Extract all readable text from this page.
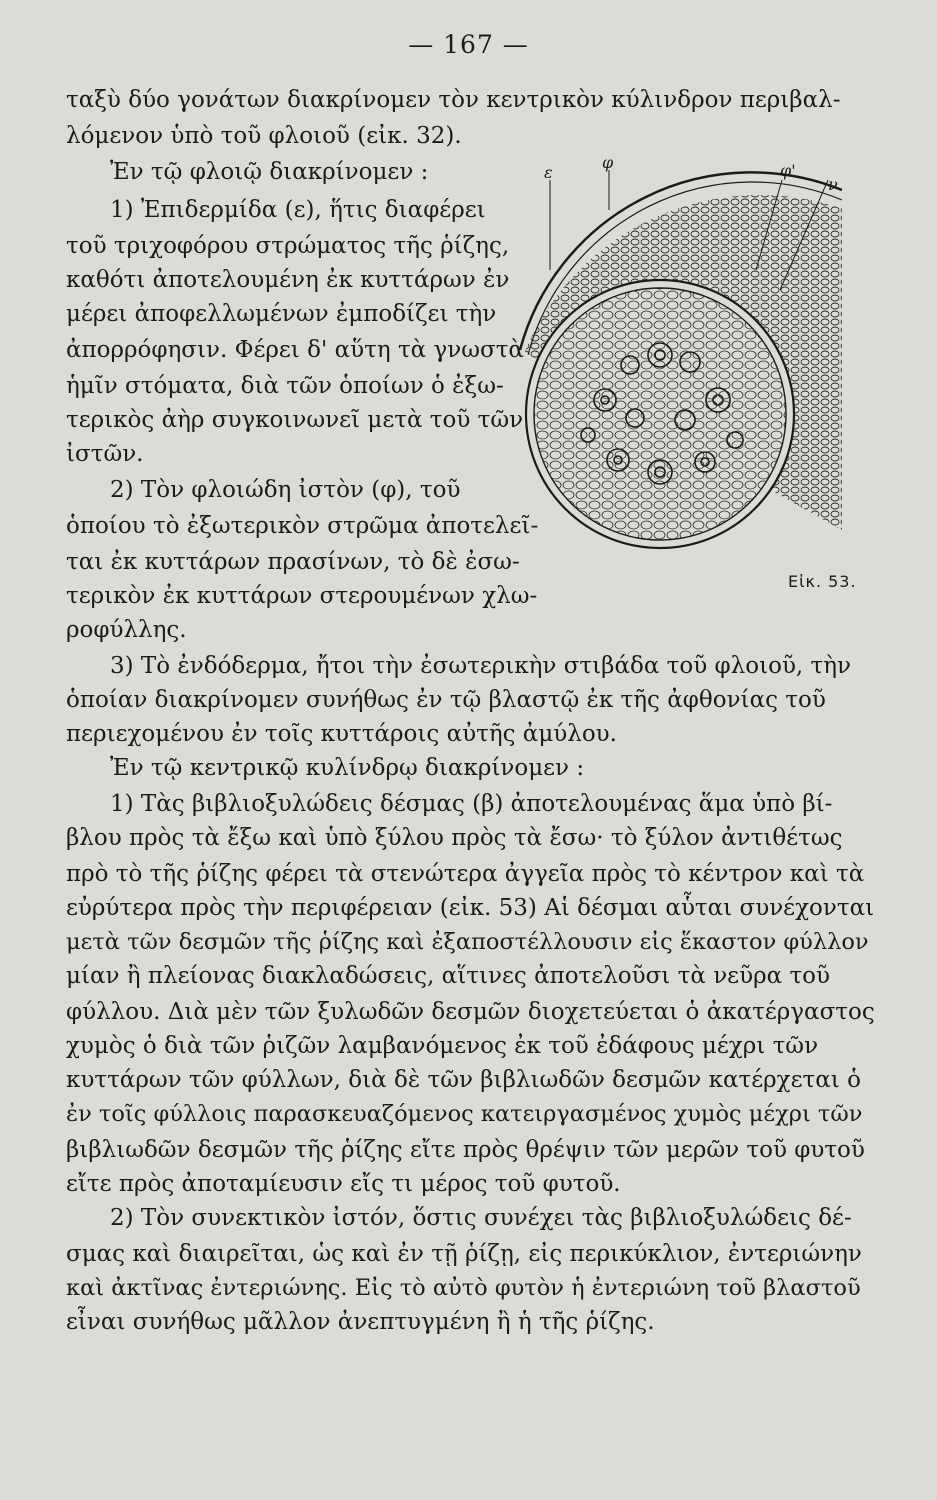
— 167 —
ε
φ	φ'
ν
Εἰκ. 53.
ταξὺ δύο γονάτων διακρίνομεν τὸν κεντρικὸν κύλινδρον περιβαλ-
λόμενον ὑπὸ τοῦ φλοιοῦ (εἰκ. 32).
Ἐν τῷ φλοιῷ διακρίνομεν :
1) Ἐπιδερμίδα (ε), ἥτις διαφέρει
τοῦ τριχοφόρου στρώματος τῆς ῥίζης,
καθότι ἀποτελουμένη ἐκ κυττάρων ἐν
μέρει ἀποφελλωμένων ἐμποδίζει τὴν
ἀπορρόφησιν. Φέρει δ' αὕτη τὰ γνωστὰ
ἡμῖν στόματα, διὰ τῶν ὁποίων ὁ ἐξω-
τερικὸς ἀὴρ συγκοινωνεῖ μετὰ τοῦ τῶν
ἰστῶν.
2) Τὸν φλοιώδη ἰστὸν (φ), τοῦ
ὁποίου τὸ ἐξωτερικὸν στρῶμα ἀποτελεῖ-
ται ἐκ κυττάρων πρασίνων, τὸ δὲ ἐσω-
τερικὸν ἐκ κυττάρων στερουμένων χλω-
ροφύλλης.
3) Τὸ ἐνδόδερμα, ἤτοι τὴν ἐσωτερικὴν στιβάδα τοῦ φλοιοῦ, τὴν
ὁποίαν διακρίνομεν συνήθως ἐν τῷ βλαστῷ ἐκ τῆς ἀφθονίας τοῦ
περιεχομένου ἐν τοῖς κυττάροις αὐτῆς ἀμύλου.
Ἐν τῷ κεντρικῷ κυλίνδρῳ διακρίνομεν :
1) Τὰς βιβλιοξυλώδεις δέσμας (β) ἀποτελουμένας ἅμα ὑπὸ βί-
βλου πρὸς τὰ ἔξω καὶ ὑπὸ ξύλου πρὸς τὰ ἔσω· τὸ ξύλον ἀντιθέτως
πρὸ τὸ τῆς ῥίζης φέρει τὰ στενώτερα ἀγγεῖα πρὸς τὸ κέντρον καὶ τὰ
εὐρύτερα πρὸς τὴν περιφέρειαν (εἰκ. 53) Αἱ δέσμαι αὗται συνέχονται
μετὰ τῶν δεσμῶν τῆς ῥίζης καὶ ἐξαποστέλλουσιν εἰς ἕκαστον φύλλον
μίαν ἢ πλείονας διακλαδώσεις, αἵτινες ἀποτελοῦσι τὰ νεῦρα τοῦ
φύλλου. Διὰ μὲν τῶν ξυλωδῶν δεσμῶν διοχετεύεται ὁ ἀκατέργαστος
χυμὸς ὁ διὰ τῶν ῥιζῶν λαμβανόμενος ἐκ τοῦ ἐδάφους μέχρι τῶν
κυττάρων τῶν φύλλων, διὰ δὲ τῶν βιβλιωδῶν δεσμῶν κατέρχεται ὁ
ἐν τοῖς φύλλοις παρασκευαζόμενος κατειργασμένος χυμὸς μέχρι τῶν
βιβλιωδῶν δεσμῶν τῆς ῥίζης εἴτε πρὸς θρέψιν τῶν μερῶν τοῦ φυτοῦ
εἴτε πρὸς ἀποταμίευσιν εἴς τι μέρος τοῦ φυτοῦ.
2) Τὸν συνεκτικὸν ἰστόν, ὅστις συνέχει τὰς βιβλιοξυλώδεις δέ-
σμας καὶ διαιρεῖται, ὡς καὶ ἐν τῇ ῥίζῃ, εἰς περικύκλιον, ἐντεριώνην
καὶ ἀκτῖνας ἐντεριώνης. Εἰς τὸ αὐτὸ φυτὸν ἡ ἐντεριώνη τοῦ βλαστοῦ
εἶναι συνήθως μᾶλλον ἀνεπτυγμένη ἢ ἡ τῆς ῥίζης.
